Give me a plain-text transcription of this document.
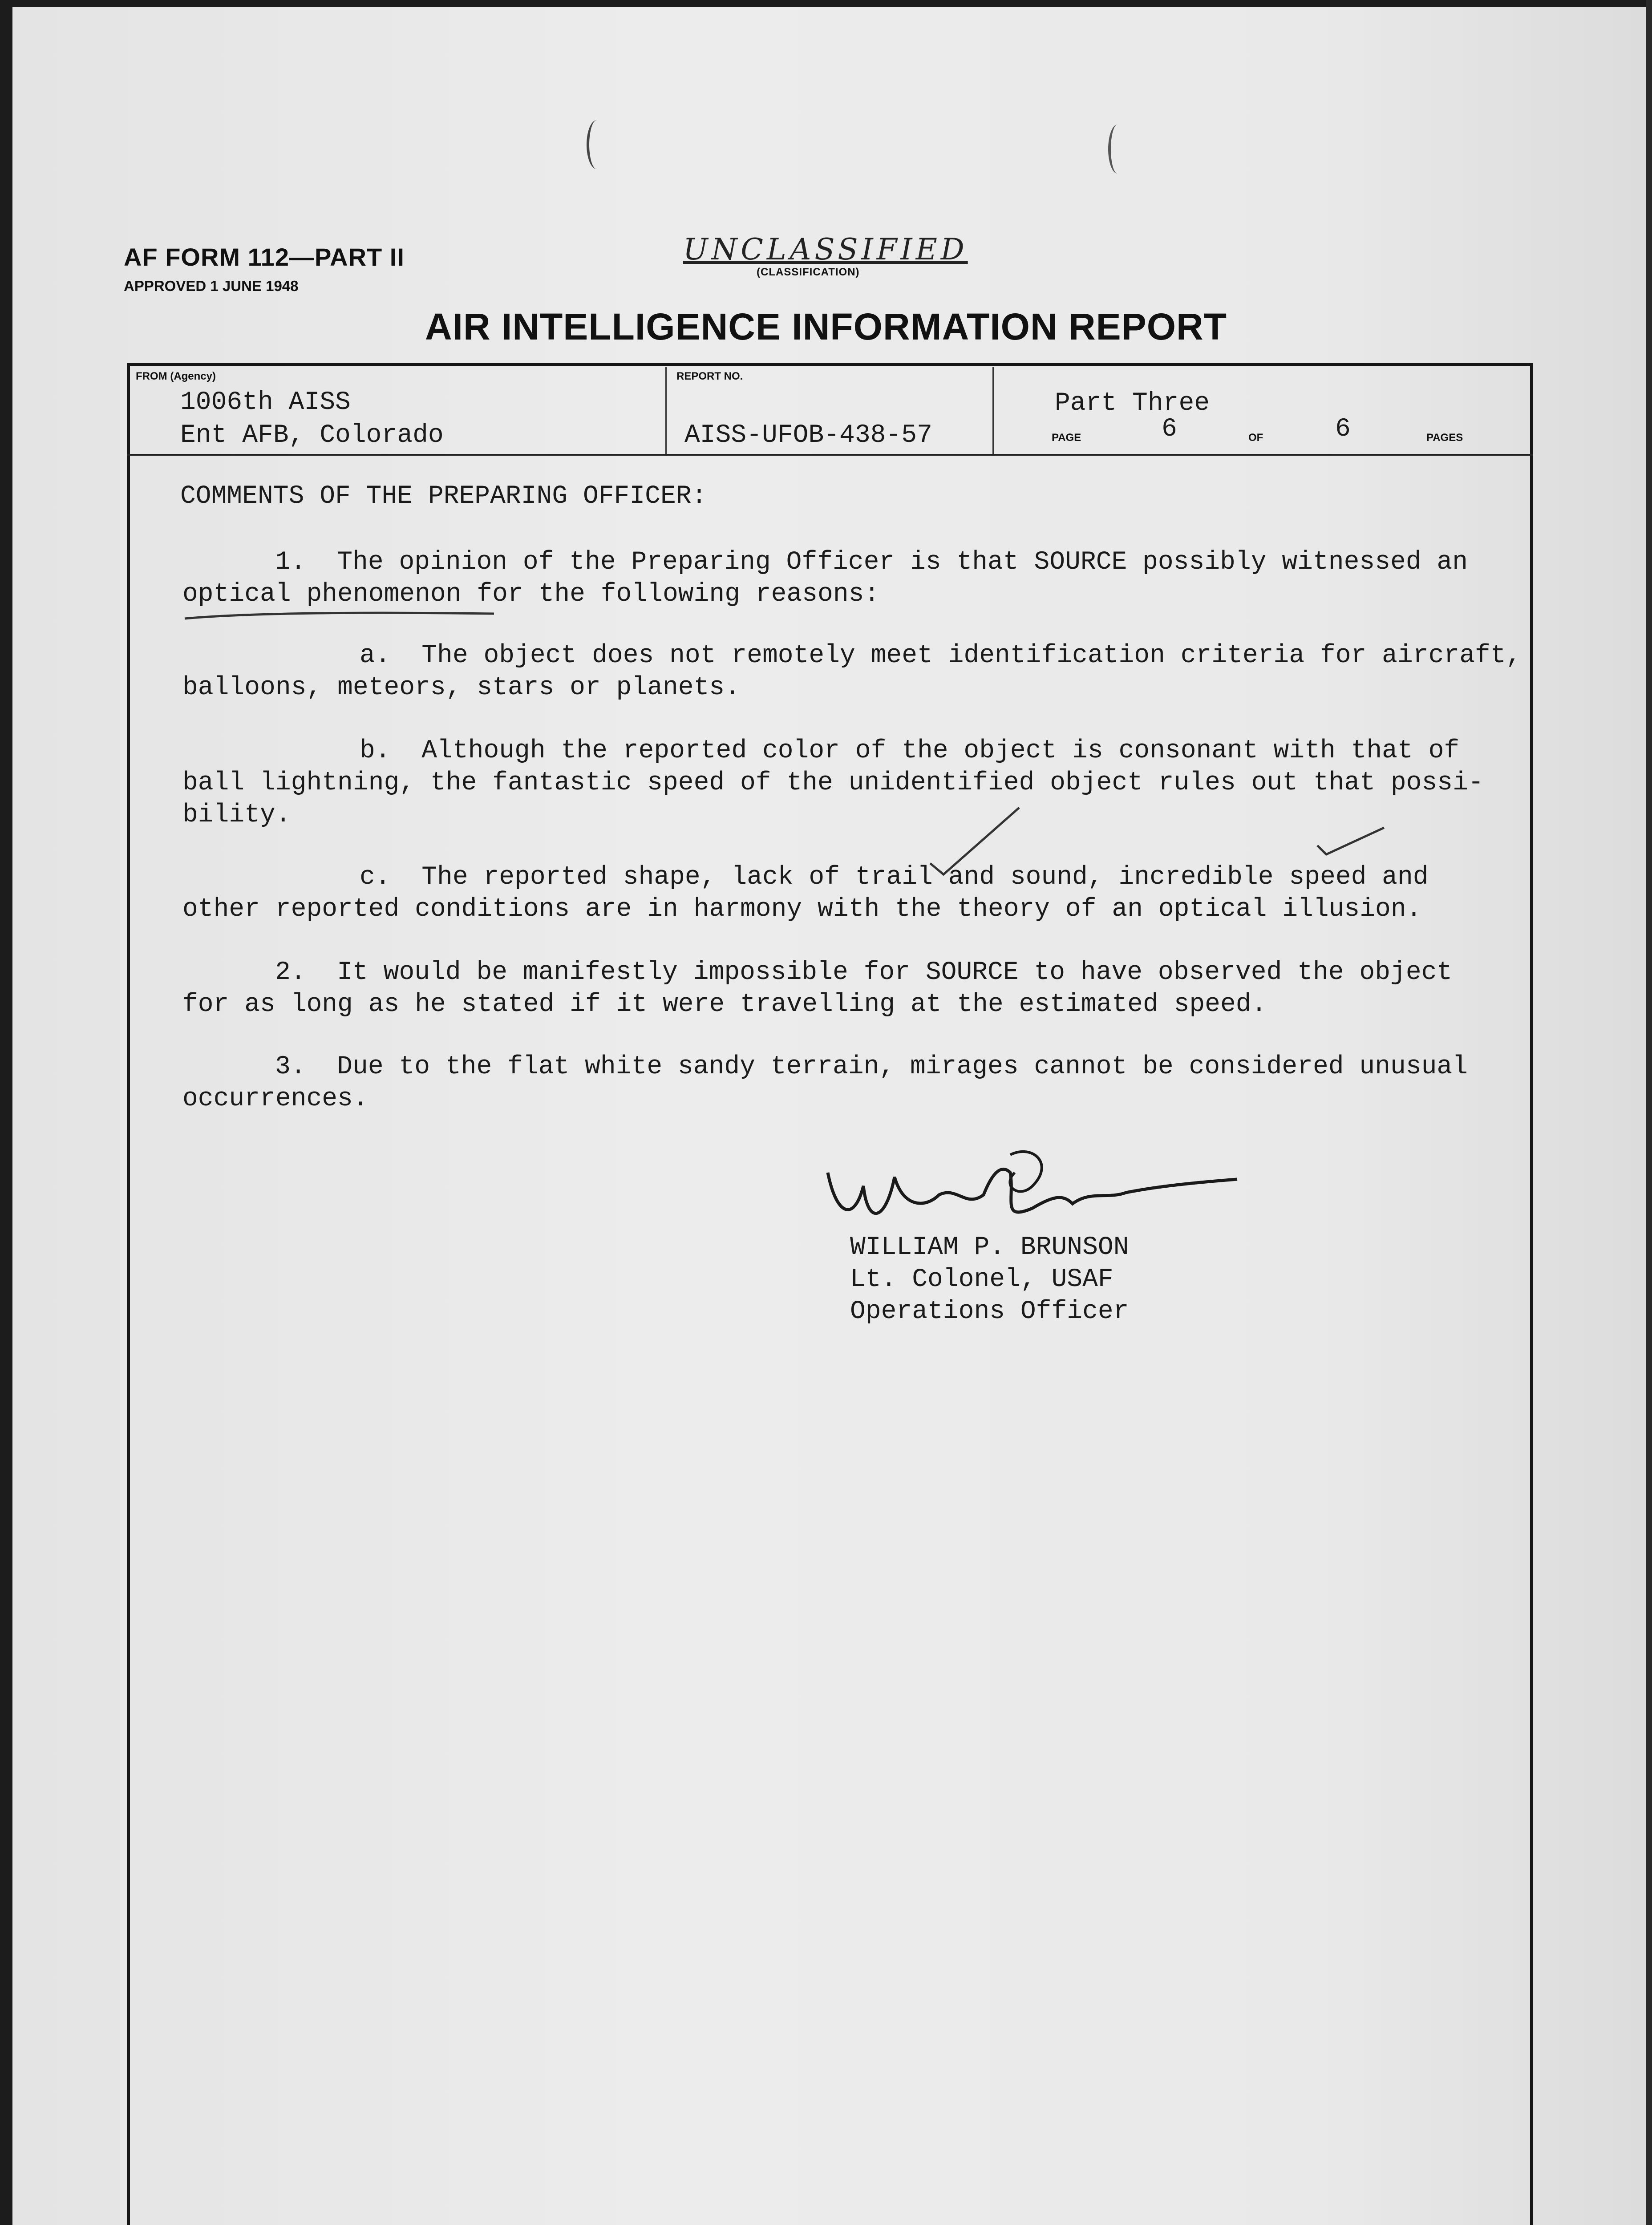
AF FORM 112—PART II
APPROVED 1 JUNE 1948
UNCLASSIFIED
(CLASSIFICATION)
AIR INTELLIGENCE INFORMATION REPORT
FROM (Agency)
1006th AISS
Ent AFB, Colorado
REPORT NO.
AISS-UFOB-438-57
Part Three
PAGE	6	OF	6	PAGES
COMMENTS OF THE PREPARING OFFICER:
1.  The opinion of the Preparing Officer is that SOURCE possibly witnessed an
optical phenomenon for the following reasons:
a.  The object does not remotely meet identification criteria for aircraft,
balloons, meteors, stars or planets.
b.  Although the reported color of the object is consonant with that of
ball lightning, the fantastic speed of the unidentified object rules out that possi-
bility.
c.  The reported shape, lack of trail and sound, incredible speed and
other reported conditions are in harmony with the theory of an optical illusion.
2.  It would be manifestly impossible for SOURCE to have observed the object
for as long as he stated if it were travelling at the estimated speed.
3.  Due to the flat white sandy terrain, mirages cannot be considered unusual
occurrences.
WILLIAM P. BRUNSON
Lt. Colonel, USAF
Operations Officer
